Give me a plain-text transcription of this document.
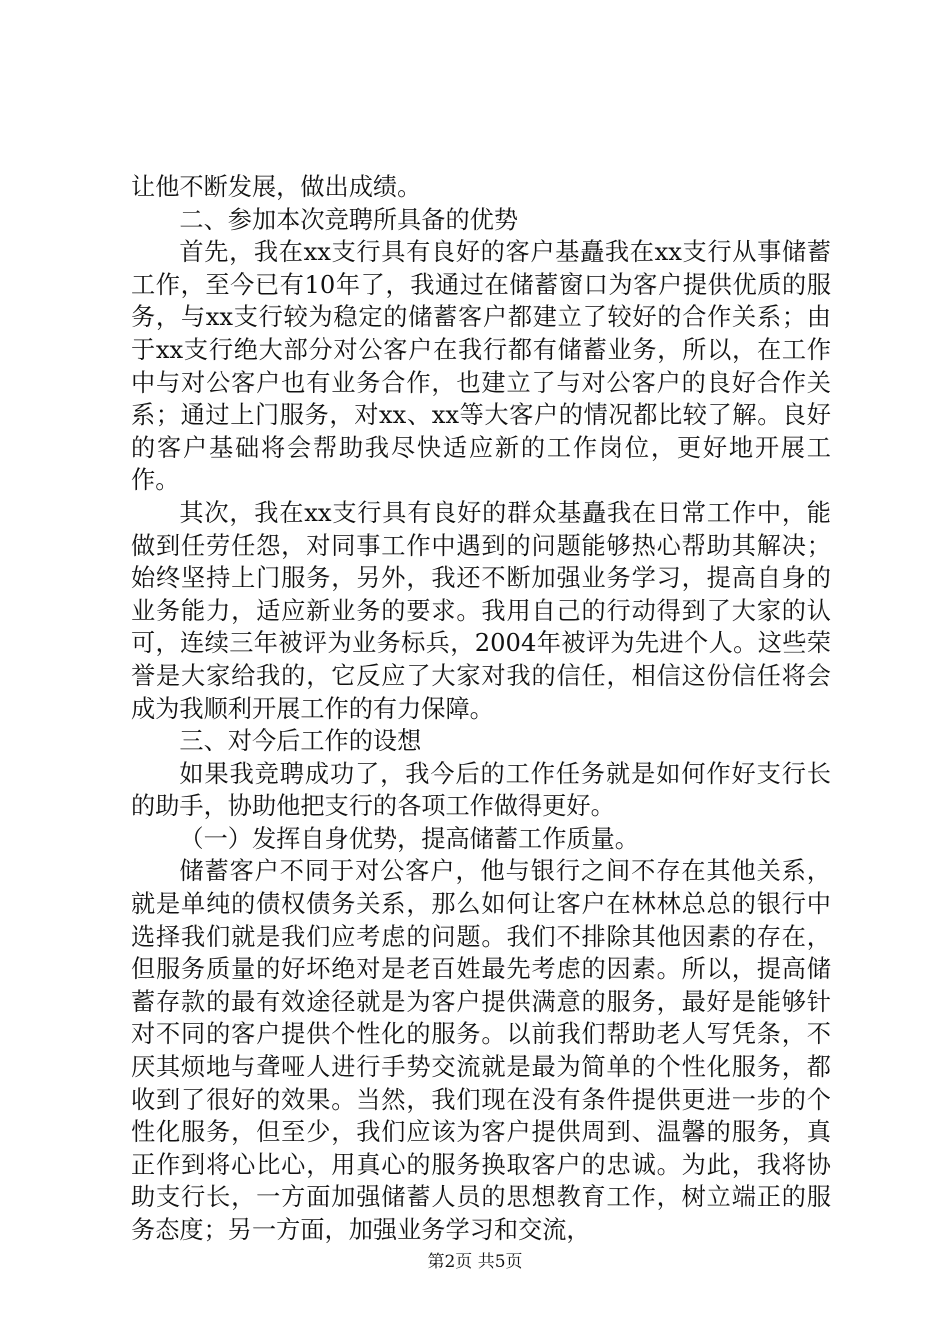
让他不断发展，做出成绩。

二、参加本次竞聘所具备的优势

首先，我在xx支行具有良好的客户基矗我在xx支行从事储蓄工作，至今已有10年了，我通过在储蓄窗口为客户提供优质的服务，与xx支行较为稳定的储蓄客户都建立了较好的合作关系；由于xx支行绝大部分对公客户在我行都有储蓄业务，所以，在工作中与对公客户也有业务合作，也建立了与对公客户的良好合作关系；通过上门服务，对xx、xx等大客户的情况都比较了解。良好的客户基础将会帮助我尽快适应新的工作岗位，更好地开展工作。

其次，我在xx支行具有良好的群众基矗我在日常工作中，能做到任劳任怨，对同事工作中遇到的问题能够热心帮助其解决；始终坚持上门服务，另外，我还不断加强业务学习，提高自身的业务能力，适应新业务的要求。我用自己的行动得到了大家的认可，连续三年被评为业务标兵，2004年被评为先进个人。这些荣誉是大家给我的，它反应了大家对我的信任，相信这份信任将会成为我顺利开展工作的有力保障。

三、对今后工作的设想

如果我竞聘成功了，我今后的工作任务就是如何作好支行长的助手，协助他把支行的各项工作做得更好。

（一）发挥自身优势，提高储蓄工作质量。

储蓄客户不同于对公客户，他与银行之间不存在其他关系，就是单纯的债权债务关系，那么如何让客户在林林总总的银行中选择我们就是我们应考虑的问题。我们不排除其他因素的存在，但服务质量的好坏绝对是老百姓最先考虑的因素。所以，提高储蓄存款的最有效途径就是为客户提供满意的服务，最好是能够针对不同的客户提供个性化的服务。以前我们帮助老人写凭条，不厌其烦地与聋哑人进行手势交流就是最为简单的个性化服务，都收到了很好的效果。当然，我们现在没有条件提供更进一步的个性化服务，但至少，我们应该为客户提供周到、温馨的服务，真正作到将心比心，用真心的服务换取客户的忠诚。为此，我将协助支行长，一方面加强储蓄人员的思想教育工作，树立端正的服务态度；另一方面，加强业务学习和交流，

第2页 共5页
